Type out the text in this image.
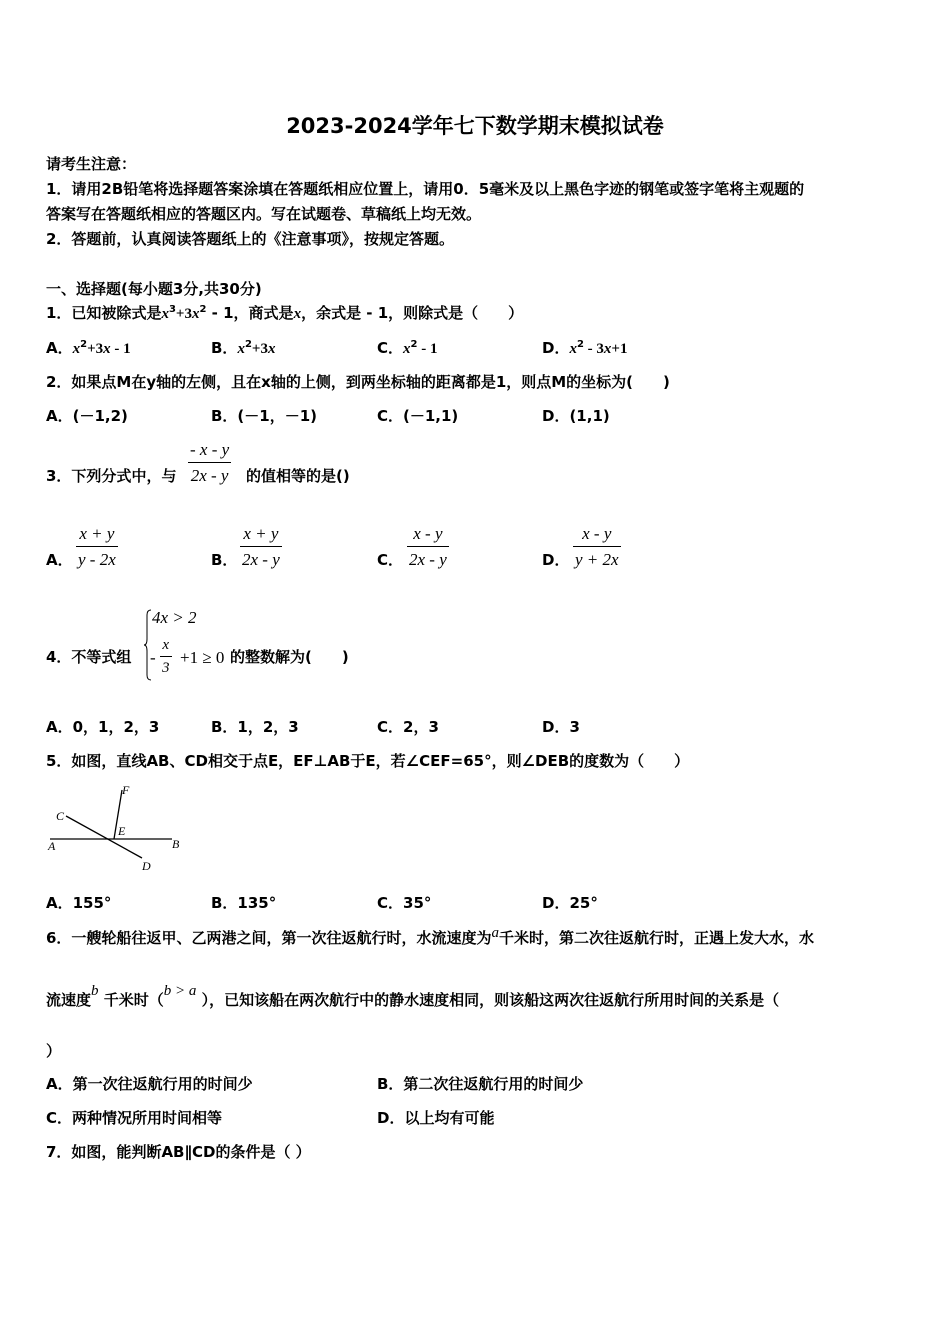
2023-2024学年七下数学期末模拟试卷
请考生注意：
1．请用2B铅笔将选择题答案涂填在答题纸相应位置上，请用0．5毫米及以上黑色字迹的钢笔或签字笔将主观题的
答案写在答题纸相应的答题区内。写在试题卷、草稿纸上均无效。
2．答题前，认真阅读答题纸上的《注意事项》，按规定答题。
一、选择题(每小题3分,共30分)
1．已知被除式是$x^3+3x^2 - 1$，商式是x，余式是 - 1，则除式是（　　）
A．$x^2+3x - 1$	B．$x^2+3x$	C．$x^2 - 1$	D．$x^2 - 3x+1$
2．如果点M在y轴的左侧，且在x轴的上侧，到两坐标轴的距离都是1，则点M的坐标为(　　)
A．(－1,2)	B．(－1，－1)	C．(－1,1)	D．(1,1)
3．下列分式中，与 $\frac{- x - y}{2x - y}$ 的值相等的是()
A． $\frac{x + y}{y - 2x}$	B． $\frac{x + y}{2x - y}$	C． $\frac{x - y}{2x - y}$	D． $\frac{x - y}{y + 2x}$
4．不等式组
4x > 2
- $\frac{x}{3} +1 \ge 0$ 的整数解为(　　)
A．0，1，2，3	B．1，2，3	C．2，3	D．3
5．如图，直线AB、CD相交于点E，EF⊥AB于E，若∠CEF=65°，则∠DEB的度数为（　　）
C
F
E
A	B
D
A．155°	B．135°	C．35°	D．25°
6．一艘轮船往返甲、乙两港之间，第一次往返航行时，水流速度为a千米时，第二次往返航行时，正遇上发大水，水
流速度b 千米时（b > a ），已知该船在两次航行中的静水速度相同，则该船这两次往返航行所用时间的关系是（
）
A．第一次往返航行用的时间少	B．第二次往返航行用的时间少
C．两种情况所用时间相等	D．以上均有可能
7．如图，能判断AB∥CD的条件是（ ）
